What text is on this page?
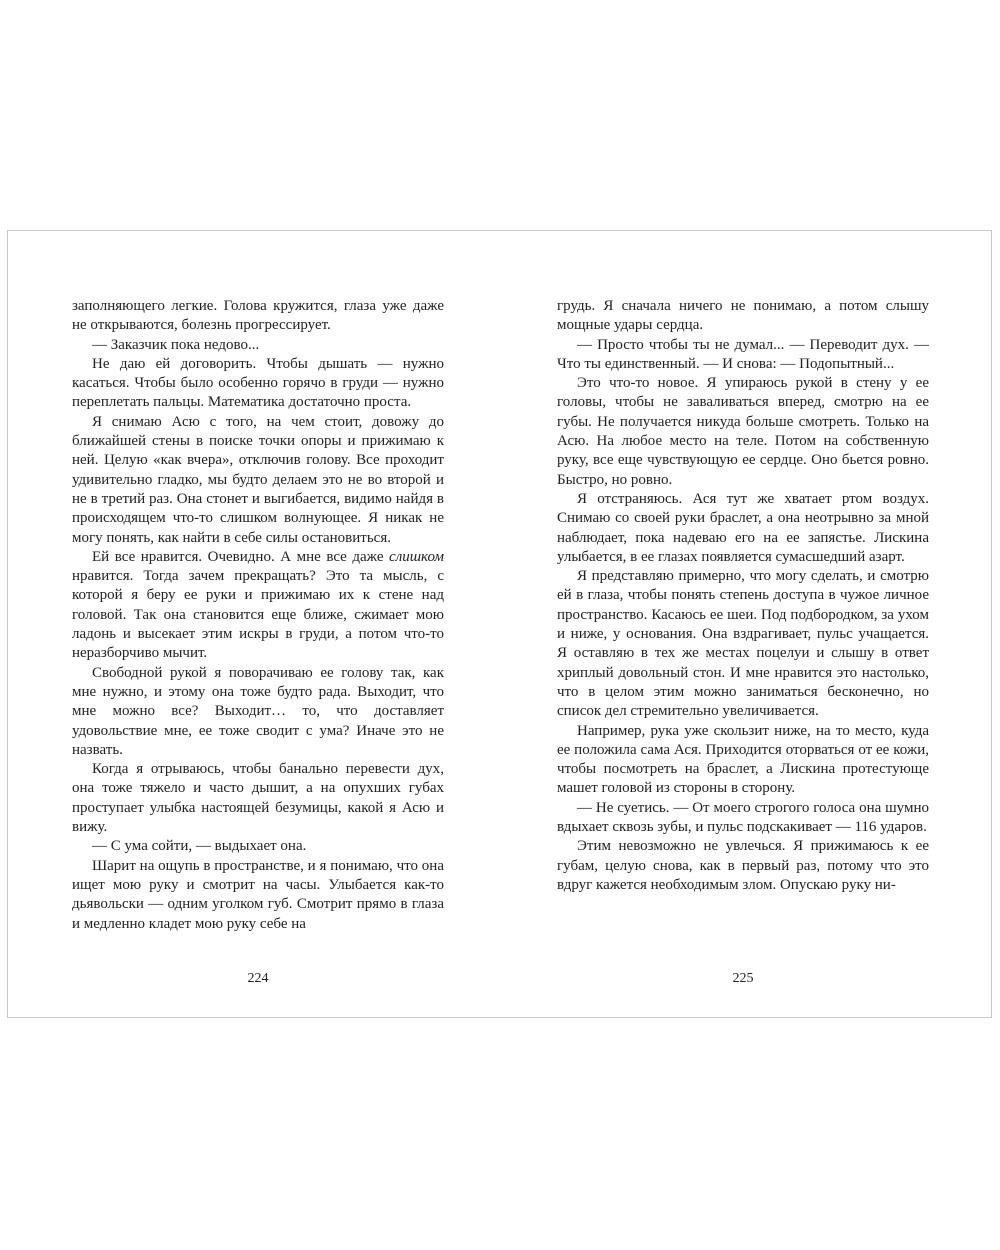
заполняющего легкие. Голова кружится, глаза уже даже не открываются, болезнь прогрессирует.

— Заказчик пока недово...

Не даю ей договорить. Чтобы дышать — нужно касаться. Чтобы было особенно горячо в груди — нужно переплетать пальцы. Математика достаточно проста.

Я снимаю Асю с того, на чем стоит, довожу до ближайшей стены в поиске точки опоры и прижимаю к ней. Целую «как вчера», отключив голову. Все проходит удивительно гладко, мы будто делаем это не во второй и не в третий раз. Она стонет и выгибается, видимо найдя в происходящем что-то слишком волнующее. Я никак не могу понять, как найти в себе силы остановиться.

Ей все нравится. Очевидно. А мне все даже слишком нравится. Тогда зачем прекращать? Это та мысль, с которой я беру ее руки и прижимаю их к стене над головой. Так она становится еще ближе, сжимает мою ладонь и высекает этим искры в груди, а потом что-то неразборчиво мычит.

Свободной рукой я поворачиваю ее голову так, как мне нужно, и этому она тоже будто рада. Выходит, что мне можно все? Выходит… то, что доставляет удовольствие мне, ее тоже сводит с ума? Иначе это не назвать.

Когда я отрываюсь, чтобы банально перевести дух, она тоже тяжело и часто дышит, а на опухших губах проступает улыбка настоящей безумицы, какой я Асю и вижу.

— С ума сойти, — выдыхает она.

Шарит на ощупь в пространстве, и я понимаю, что она ищет мою руку и смотрит на часы. Улыбается как-то дьявольски — одним уголком губ. Смотрит прямо в глаза и медленно кладет мою руку себе на

224

грудь. Я сначала ничего не понимаю, а потом слышу мощные удары сердца.

— Просто чтобы ты не думал... — Переводит дух. — Что ты единственный. — И снова: — Подопытный...

Это что-то новое. Я упираюсь рукой в стену у ее головы, чтобы не заваливаться вперед, смотрю на ее губы. Не получается никуда больше смотреть. Только на Асю. На любое место на теле. Потом на собственную руку, все еще чувствующую ее сердце. Оно бьется ровно. Быстро, но ровно.

Я отстраняюсь. Ася тут же хватает ртом воздух. Снимаю со своей руки браслет, а она неотрывно за мной наблюдает, пока надеваю его на ее запястье. Лискина улыбается, в ее глазах появляется сумасшедший азарт.

Я представляю примерно, что могу сделать, и смотрю ей в глаза, чтобы понять степень доступа в чужое личное пространство. Касаюсь ее шеи. Под подбородком, за ухом и ниже, у основания. Она вздрагивает, пульс учащается. Я оставляю в тех же местах поцелуи и слышу в ответ хриплый довольный стон. И мне нравится это настолько, что в целом этим можно заниматься бесконечно, но список дел стремительно увеличивается.

Например, рука уже скользит ниже, на то место, куда ее положила сама Ася. Приходится оторваться от ее кожи, чтобы посмотреть на браслет, а Лискина протестующе машет головой из стороны в сторону.

— Не суетись. — От моего строгого голоса она шумно вдыхает сквозь зубы, и пульс подскакивает — 116 ударов.

Этим невозможно не увлечься. Я прижимаюсь к ее губам, целую снова, как в первый раз, потому что это вдруг кажется необходимым злом. Опускаю руку ни-

225
